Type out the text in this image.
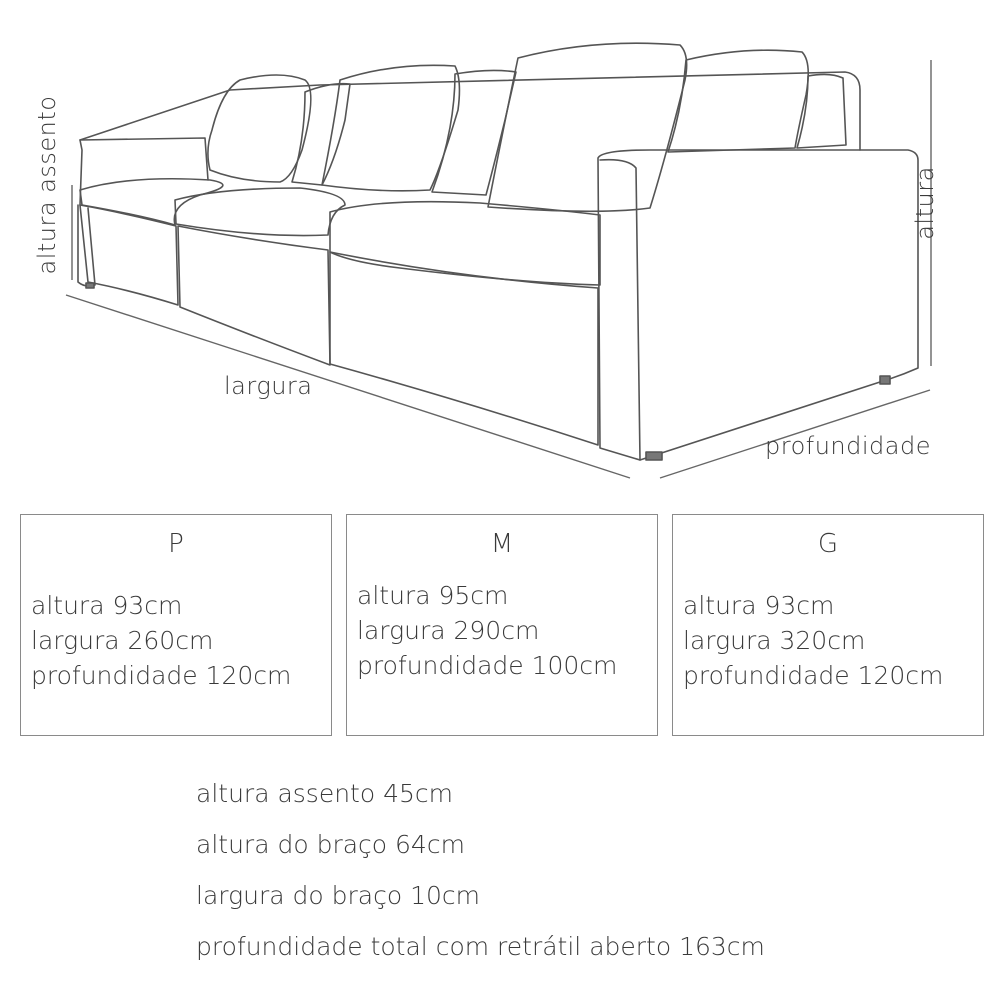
largura
profundidade
altura
altura assento
P
altura 93cm
largura 260cm
profundidade 120cm
M
altura 95cm
largura 290cm
profundidade 100cm
G
altura 93cm
largura 320cm
profundidade 120cm
altura assento 45cm
altura do braço 64cm
largura do braço 10cm
profundidade total com retrátil aberto 163cm
